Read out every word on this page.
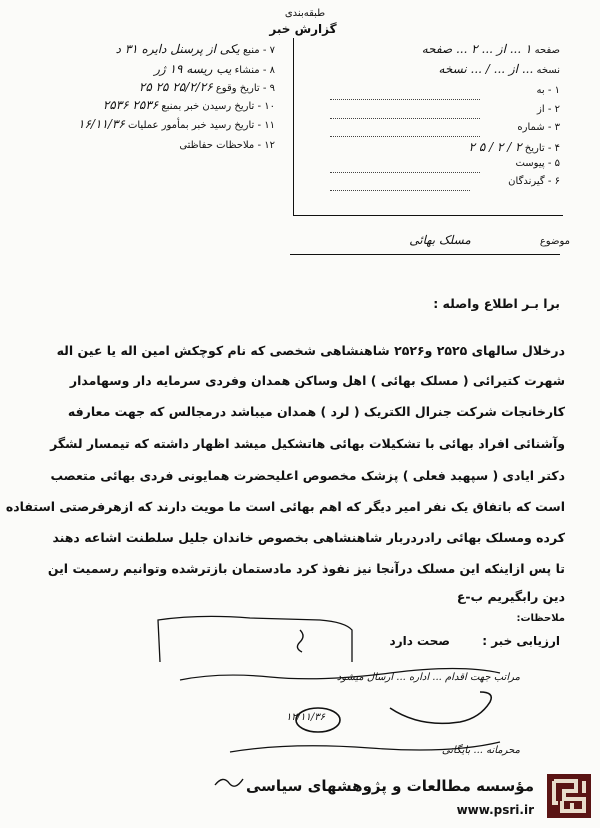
طبقه‌بندی
گزارش خبر
۷ - منبع یکی از پرسنل دایره ۳۱ د
۸ - منشاء یب ریسه ۱۹ ژر
۹ - تاریخ وقوع ۲۵/۲/۲۶ ۲۵ ۲۵
۱۰ - تاریخ رسیدن خبر بمنبع ۲۵۳۶ ۲۵۳۶
۱۱ - تاریخ رسید خبر بمأمور عملیات ۱۶/۱۱/۳۶
۱۲ - ملاحظات حفاظتی
صفحه ۱ ... از ... ۲ ... صفحه
نسخه ... از ... / ... نسخه
۱ - به
۲ - از
۳ - شماره
۴ - تاریخ ۲ / ۲ / ۵ ۲
۵ - پیوست
۶ - گیرندگان
موضوع
مسلک بهائی
برا بـر اطلاع واصله :
درخلال سالهای ۲۵۲۵ و۲۵۲۶ شاهنشاهی شخصی که نام کوچکش امین اله یا عین اله
شهرت کتیرائی ( مسلک بهائی ) اهل وساکن همدان وفردی سرمایه دار وسهامدار
کارخانجات شرکت جنرال الکتریک ( لرد ) همدان میباشد درمجالس که جهت معارفه
وآشنائی افراد بهائی با تشکیلات بهائی هاتشکیل میشد اظهار داشته که تیمسار لشگر
دکتر ایادی ( سپهبد فعلی ) پزشک مخصوص اعلیحضرت همایونی فردی بهائی متعصب
است که باتفاق یک نفر امیر دیگر که اهم بهائی است ما مویت دارند که ازهرفرصتی استفاده
کرده ومسلک بهائی رادردربار شاهنشاهی بخصوص خاندان جلیل سلطنت اشاعه دهند
تا پس ازاینکه این مسلک درآنجا نیز نفوذ کرد مادستمان بازترشده وتوانیم رسمیت این
دین رابگیریم ب-ع
ملاحظات:
ارزیابی خبر :
صحت دارد
مراتب جهت اقدام ... اداره ... ارسال میشود
۱۲/۱۱/۳۶
محرمانه ... بایگانی
مؤسسه مطالعات و پژوهشهای سیاسی
www.psri.ir
